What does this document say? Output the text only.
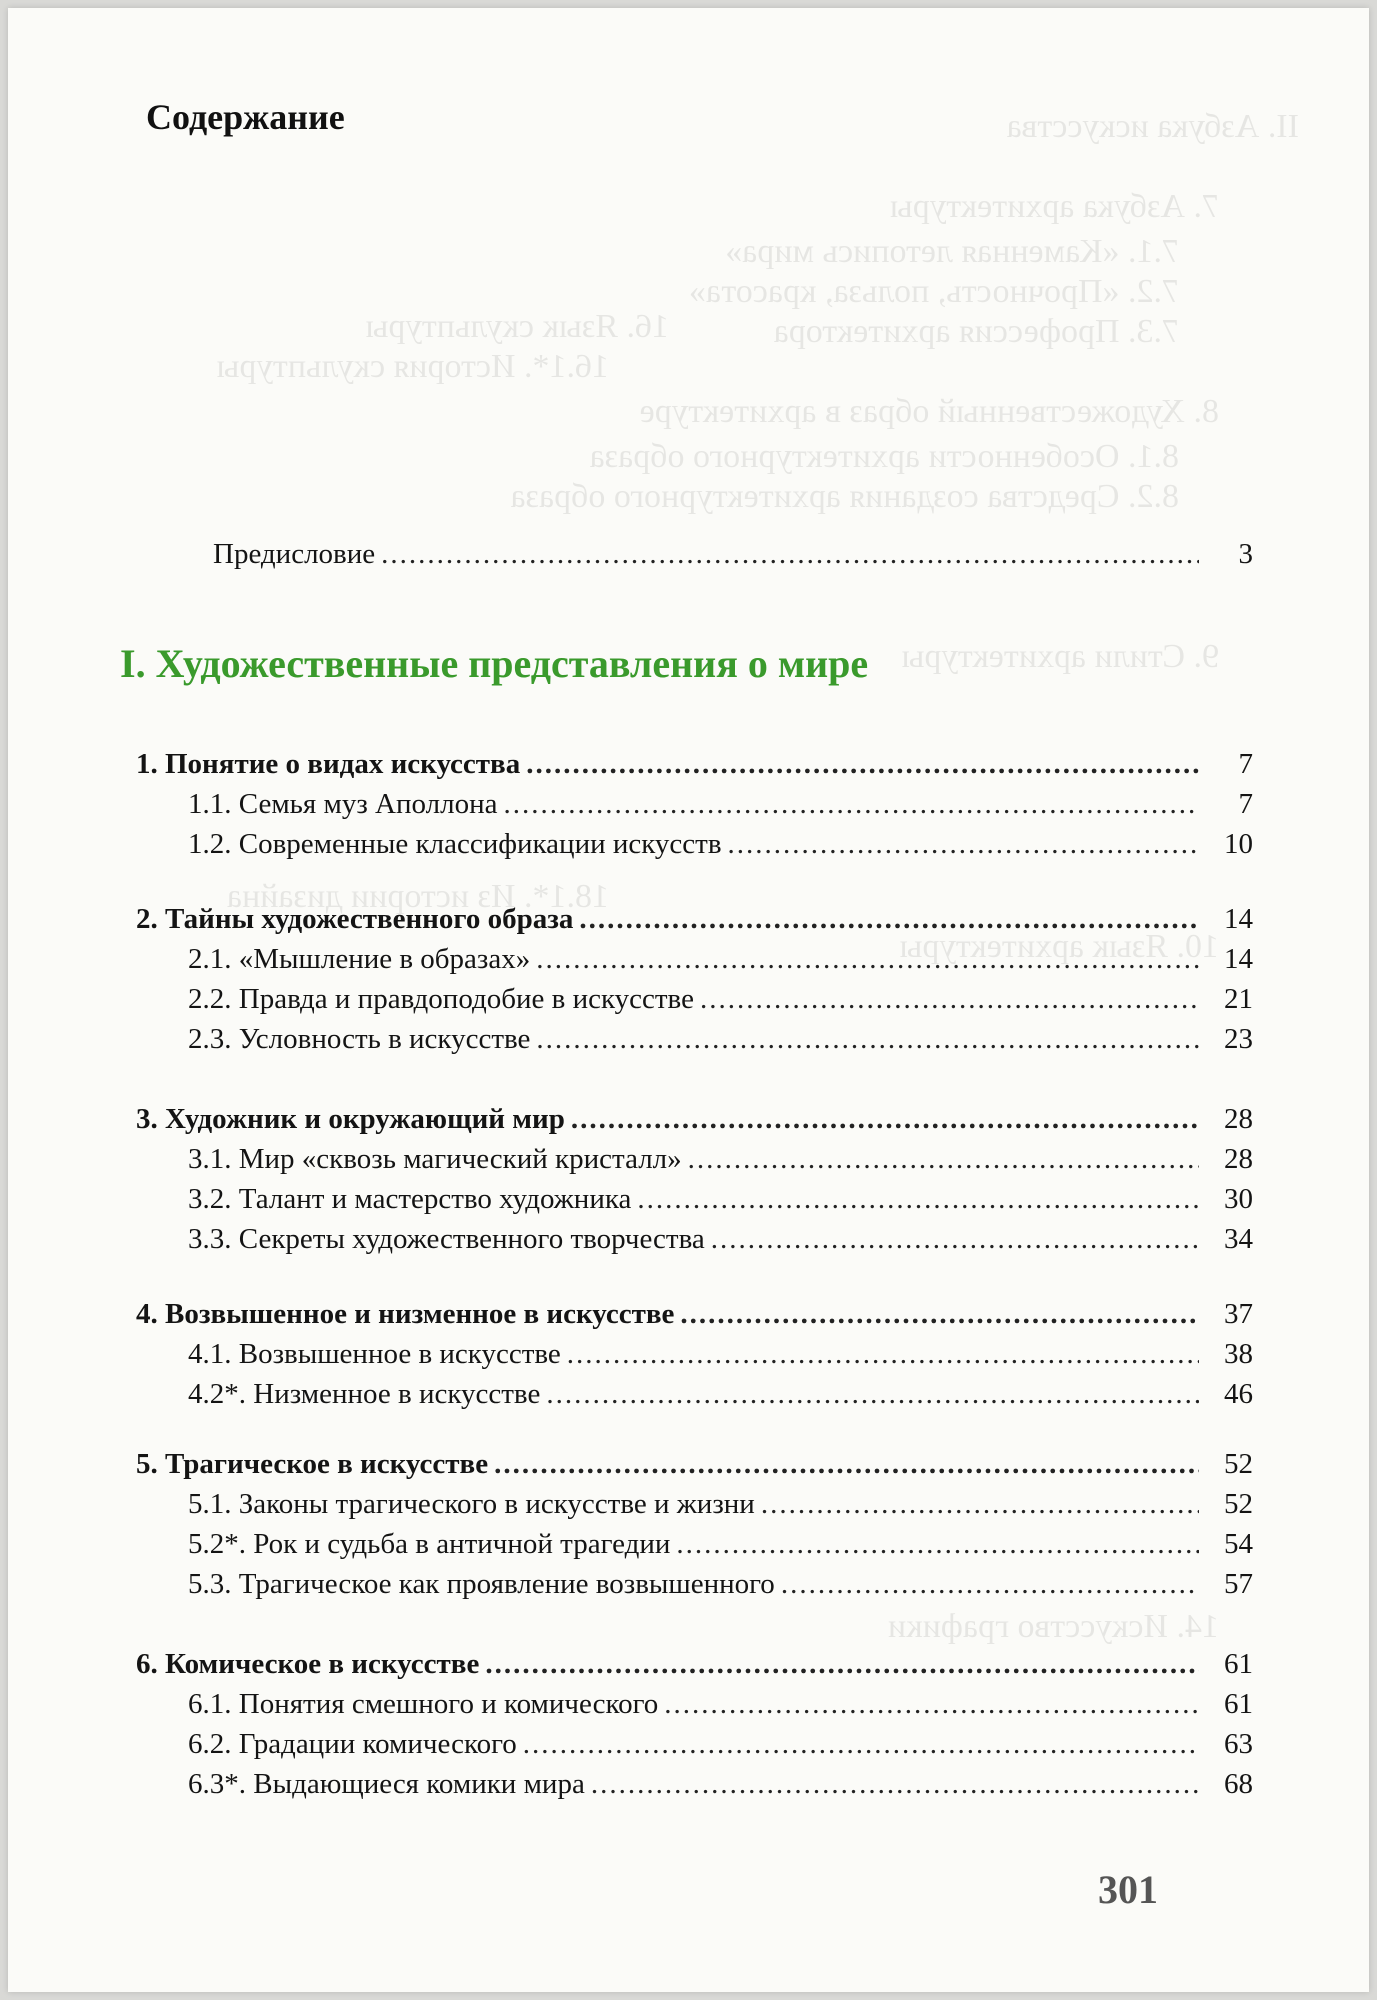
II. Азбука искусства
7. Азбука архитектуры
7.1. «Каменная летопись мира»
7.2. «Прочность, польза, красота»
7.3. Профессия архитектора
8. Художественный образ в архитектуре
8.1. Особенности архитектурного образа
8.2. Средства создания архитектурного образа
9. Стили архитектуры
10. Язык архитектуры
16. Язык скульптуры
16.1*. История скульптуры
18.1*. Из истории дизайна
14. Искусство графики
Содержание
Предисловие .....	3
I. Художественные представления о мире
1. Понятие о видах искусства .....	7
1.1. Семья муз Аполлона .....	7
1.2. Современные классификации искусств .....	10
2. Тайны художественного образа .....	14
2.1. «Мышление в образах» .....	14
2.2. Правда и правдоподобие в искусстве .....	21
2.3. Условность в искусстве .....	23
3. Художник и окружающий мир .....	28
3.1. Мир «сквозь магический кристалл» .....	28
3.2. Талант и мастерство художника .....	30
3.3. Секреты художественного творчества .....	34
4. Возвышенное и низменное в искусстве .....	37
4.1. Возвышенное в искусстве .....	38
4.2*. Низменное в искусстве .....	46
5. Трагическое в искусстве .....	52
5.1. Законы трагического в искусстве и жизни .....	52
5.2*. Рок и судьба в античной трагедии .....	54
5.3. Трагическое как проявление возвышенного .....	57
6. Комическое в искусстве .....	61
6.1. Понятия смешного и комического .....	61
6.2. Градации комического .....	63
6.3*. Выдающиеся комики мира .....	68
301
